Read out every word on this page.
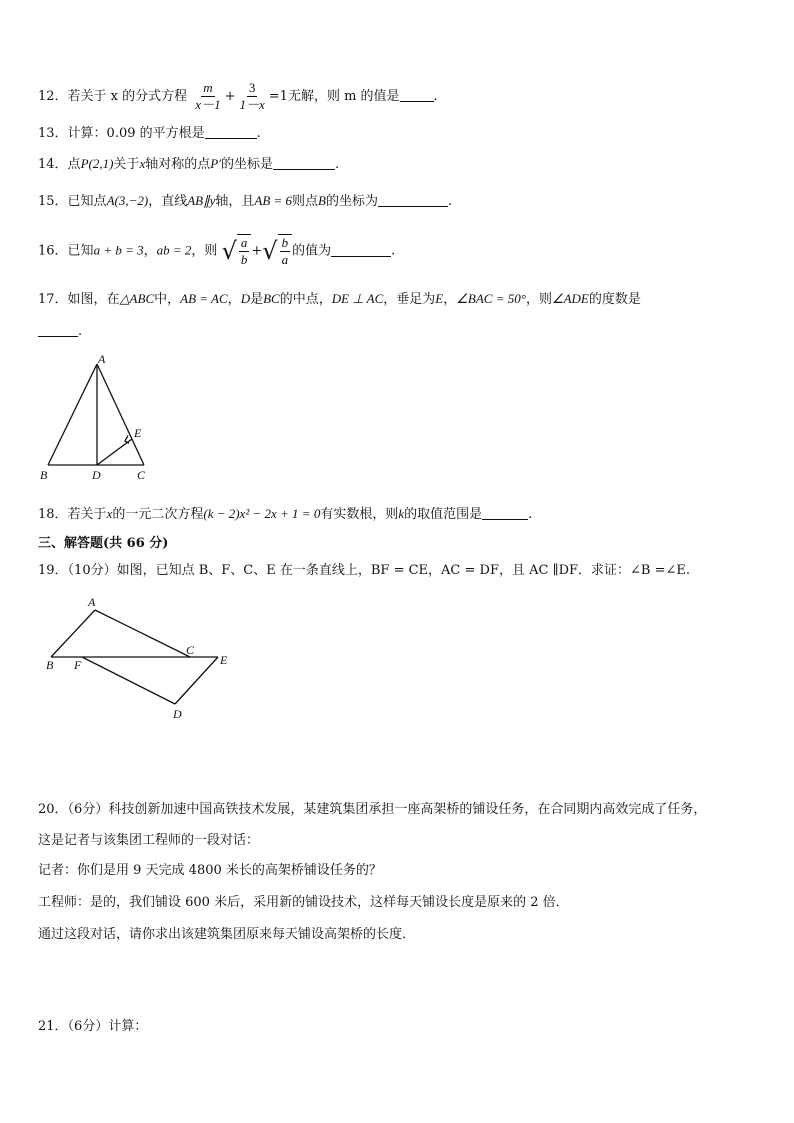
12．若关于 x 的分式方程 $\frac{m}{x-1} + \frac{3}{1-x} =1$无解，则 m 的值是	.
13．计算：0.09 的平方根是	.
14．点P(2,1)关于x轴对称的点P′的坐标是	.
15．已知点A(3,−2)，直线AB∥y轴，且AB = 6则点B的坐标为	.
16．已知a + b = 3，ab = 2，则 √ $\frac{a}{b}$ + √ $\frac{b}{a}$ 的值为	.
17．如图，在△ABC中，AB = AC，D是BC的中点，DE ⊥ AC，垂足为E，∠BAC = 50°，则∠ADE的度数是
.
A
B	C
D
E
18．若关于x的一元二次方程(k − 2)x² − 2x + 1 = 0有实数根，则k的取值范围是	.
三、解答题(共 66 分)
19．（10分）如图，已知点 B、F、C、E 在一条直线上，BF = CE，AC = DF，且 AC ∥DF．求证：∠B =∠E.
A
B F
C
E
D
20．（6分）科技创新加速中国高铁技术发展，某建筑集团承担一座高架桥的铺设任务，在合同期内高效完成了任务，
这是记者与该集团工程师的一段对话：
记者：你们是用 9 天完成 4800 米长的高架桥铺设任务的？
工程师：是的，我们铺设 600 米后，采用新的铺设技术，这样每天铺设长度是原来的 2 倍．
通过这段对话，请你求出该建筑集团原来每天铺设高架桥的长度．
21．（6分）计算：
